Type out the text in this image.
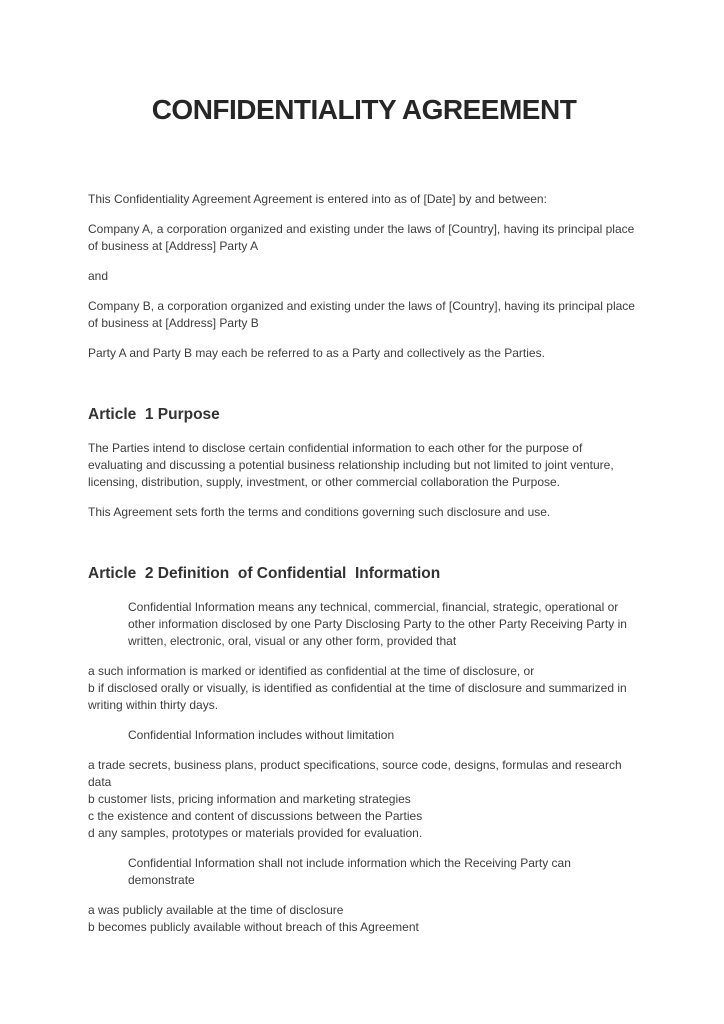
CONFIDENTIALITY AGREEMENT

This Confidentiality Agreement Agreement is entered into as of [Date] by and between:

Company A, a corporation organized and existing under the laws of [Country], having its principal place of business at [Address] Party A

and

Company B, a corporation organized and existing under the laws of [Country], having its principal place of business at [Address] Party B

Party A and Party B may each be referred to as a Party and collectively as the Parties.

Article  1 Purpose

The Parties intend to disclose certain confidential information to each other for the purpose of evaluating and discussing a potential business relationship including but not limited to joint venture, licensing, distribution, supply, investment, or other commercial collaboration the Purpose.

This Agreement sets forth the terms and conditions governing such disclosure and use.

Article  2 Definition  of Confidential  Information

Confidential Information means any technical, commercial, financial, strategic, operational or other information disclosed by one Party Disclosing Party to the other Party Receiving Party in written, electronic, oral, visual or any other form, provided that

a such information is marked or identified as confidential at the time of disclosure, or
b if disclosed orally or visually, is identified as confidential at the time of disclosure and summarized in writing within thirty days.

Confidential Information includes without limitation

a trade secrets, business plans, product specifications, source code, designs, formulas and research data
b customer lists, pricing information and marketing strategies
c the existence and content of discussions between the Parties
d any samples, prototypes or materials provided for evaluation.

Confidential Information shall not include information which the Receiving Party can demonstrate

a was publicly available at the time of disclosure
b becomes publicly available without breach of this Agreement
